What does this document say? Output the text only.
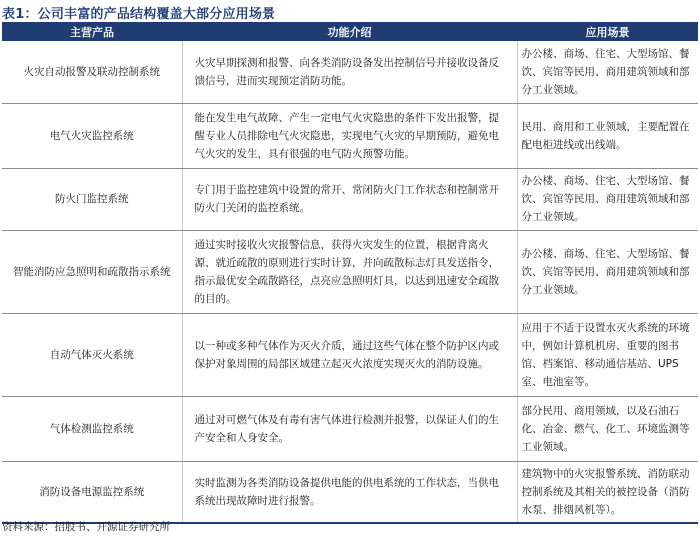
表1：公司丰富的产品结构覆盖大部分应用场景
主营产品	功能介绍	应用场景
火灾自动报警及联动控制系统	火灾早期探测和报警、向各类消防设备发出控制信号并接收设备反馈信号，进而实现预定消防功能。	办公楼、商场、住宅、大型场馆、餐饮、宾馆等民用、商用建筑领域和部分工业领域。
电气火灾监控系统	能在发生电气故障、产生一定电气火灾隐患的条件下发出报警，提醒专业人员排除电气火灾隐患，实现电气火灾的早期预防，避免电气火灾的发生，具有很强的电气防火预警功能。	民用、商用和工业领域，主要配置在配电柜进线或出线端。
防火门监控系统	专门用于监控建筑中设置的常开、常闭防火门工作状态和控制常开防火门关闭的监控系统。	办公楼、商场、住宅、大型场馆、餐饮、宾馆等民用、商用建筑领域和部分工业领域。
智能消防应急照明和疏散指示系统	通过实时接收火灾报警信息，获得火灾发生的位置，根据背离火源、就近疏散的原则进行实时计算，并向疏散标志灯具发送指令，指示最优安全疏散路径，点亮应急照明灯具，以达到迅速安全疏散的目的。	办公楼、商场、住宅、大型场馆、餐饮、宾馆等民用、商用建筑领域和部分工业领域。
自动气体灭火系统	以一种或多种气体作为灭火介质，通过这些气体在整个防护区内或保护对象周围的局部区域建立起灭火浓度实现灭火的消防设施。	应用于不适于设置水灭火系统的环境中，例如计算机机房、重要的图书馆、档案馆、移动通信基站、UPS室、电池室等。
气体检测监控系统	通过对可燃气体及有毒有害气体进行检测并报警，以保证人们的生产安全和人身安全。	部分民用、商用领域，以及石油石化、冶金、燃气、化工、环境监测等工业领域。
消防设备电源监控系统	实时监测为各类消防设备提供电能的供电系统的工作状态，当供电系统出现故障时进行报警。	建筑物中的火灾报警系统、消防联动控制系统及其相关的被控设备（消防水泵、排烟风机等）。
资料来源：招股书、开源证券研究所
